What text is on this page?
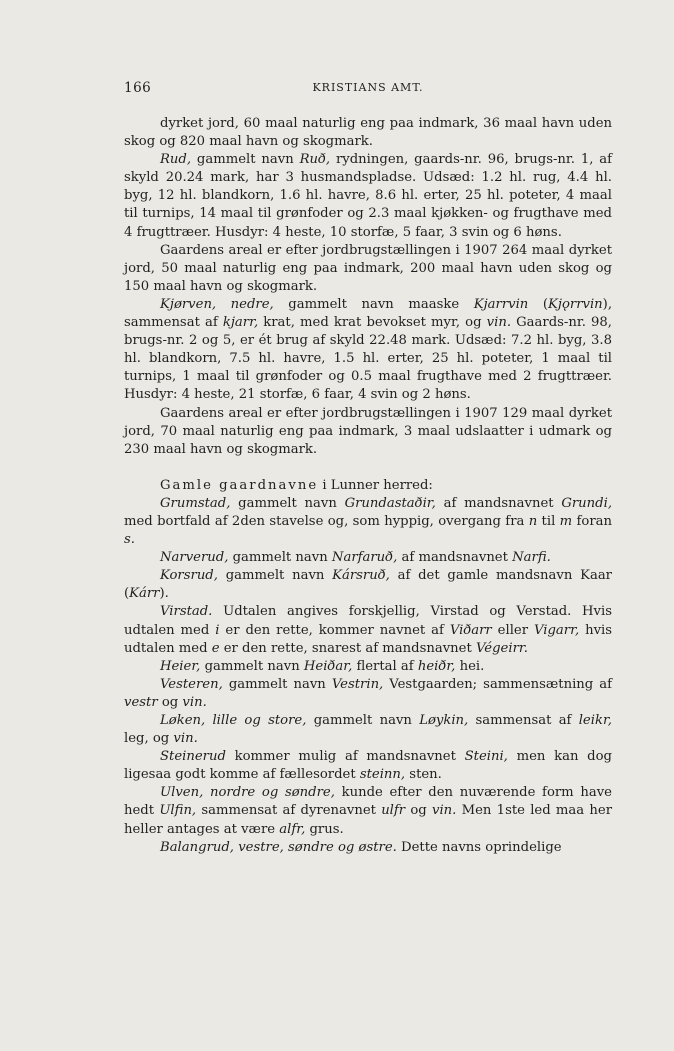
166	KRISTIANS AMT.

dyrket jord, 60 maal naturlig eng paa indmark, 36 maal havn uden skog og 820 maal havn og skogmark.

Rud, gammelt navn Ruð, rydningen, gaards-nr. 96, brugs-nr. 1, af skyld 20.24 mark, har 3 husmandspladse. Udsæd: 1.2 hl. rug, 4.4 hl. byg, 12 hl. blandkorn, 1.6 hl. havre, 8.6 hl. erter, 25 hl. poteter, 4 maal til turnips, 14 maal til grønfoder og 2.3 maal kjøkken- og frugthave med 4 frugttræer. Husdyr: 4 heste, 10 storfæ, 5 faar, 3 svin og 6 høns.

Gaardens areal er efter jordbrugstællingen i 1907 264 maal dyrket jord, 50 maal naturlig eng paa indmark, 200 maal havn uden skog og 150 maal havn og skogmark.

Kjørven, nedre, gammelt navn maaske Kjarrvin (Kjǫrrvin), sammensat af kjarr, krat, med krat bevokset myr, og vin. Gaards-nr. 98, brugs-nr. 2 og 5, er ét brug af skyld 22.48 mark. Udsæd: 7.2 hl. byg, 3.8 hl. blandkorn, 7.5 hl. havre, 1.5 hl. erter, 25 hl. poteter, 1 maal til turnips, 1 maal til grønfoder og 0.5 maal frugthave med 2 frugttræer. Husdyr: 4 heste, 21 storfæ, 6 faar, 4 svin og 2 høns.

Gaardens areal er efter jordbrugstællingen i 1907 129 maal dyrket jord, 70 maal naturlig eng paa indmark, 3 maal udslaatter i udmark og 230 maal havn og skogmark.

Gamle gaardnavne i Lunner herred:

Grumstad, gammelt navn Grundastaðir, af mandsnavnet Grundi, med bortfald af 2den stavelse og, som hyppig, overgang fra n til m foran s.

Narverud, gammelt navn Narfaruð, af mandsnavnet Narfi.

Korsrud, gammelt navn Kársruð, af det gamle mandsnavn Kaar (Kárr).

Virstad. Udtalen angives forskjellig, Virstad og Verstad. Hvis udtalen med i er den rette, kommer navnet af Viðarr eller Vigarr, hvis udtalen med e er den rette, snarest af mandsnavnet Végeirr.

Heier, gammelt navn Heiðar, flertal af heiðr, hei.

Vesteren, gammelt navn Vestrin, Vestgaarden; sammensætning af vestr og vin.

Løken, lille og store, gammelt navn Løykin, sammensat af leikr, leg, og vin.

Steinerud kommer mulig af mandsnavnet Steini, men kan dog ligesaa godt komme af fællesordet steinn, sten.

Ulven, nordre og søndre, kunde efter den nuværende form have hedt Ulfin, sammensat af dyrenavnet ulfr og vin. Men 1ste led maa her heller antages at være alfr, grus.

Balangrud, vestre, søndre og østre. Dette navns oprindelige
